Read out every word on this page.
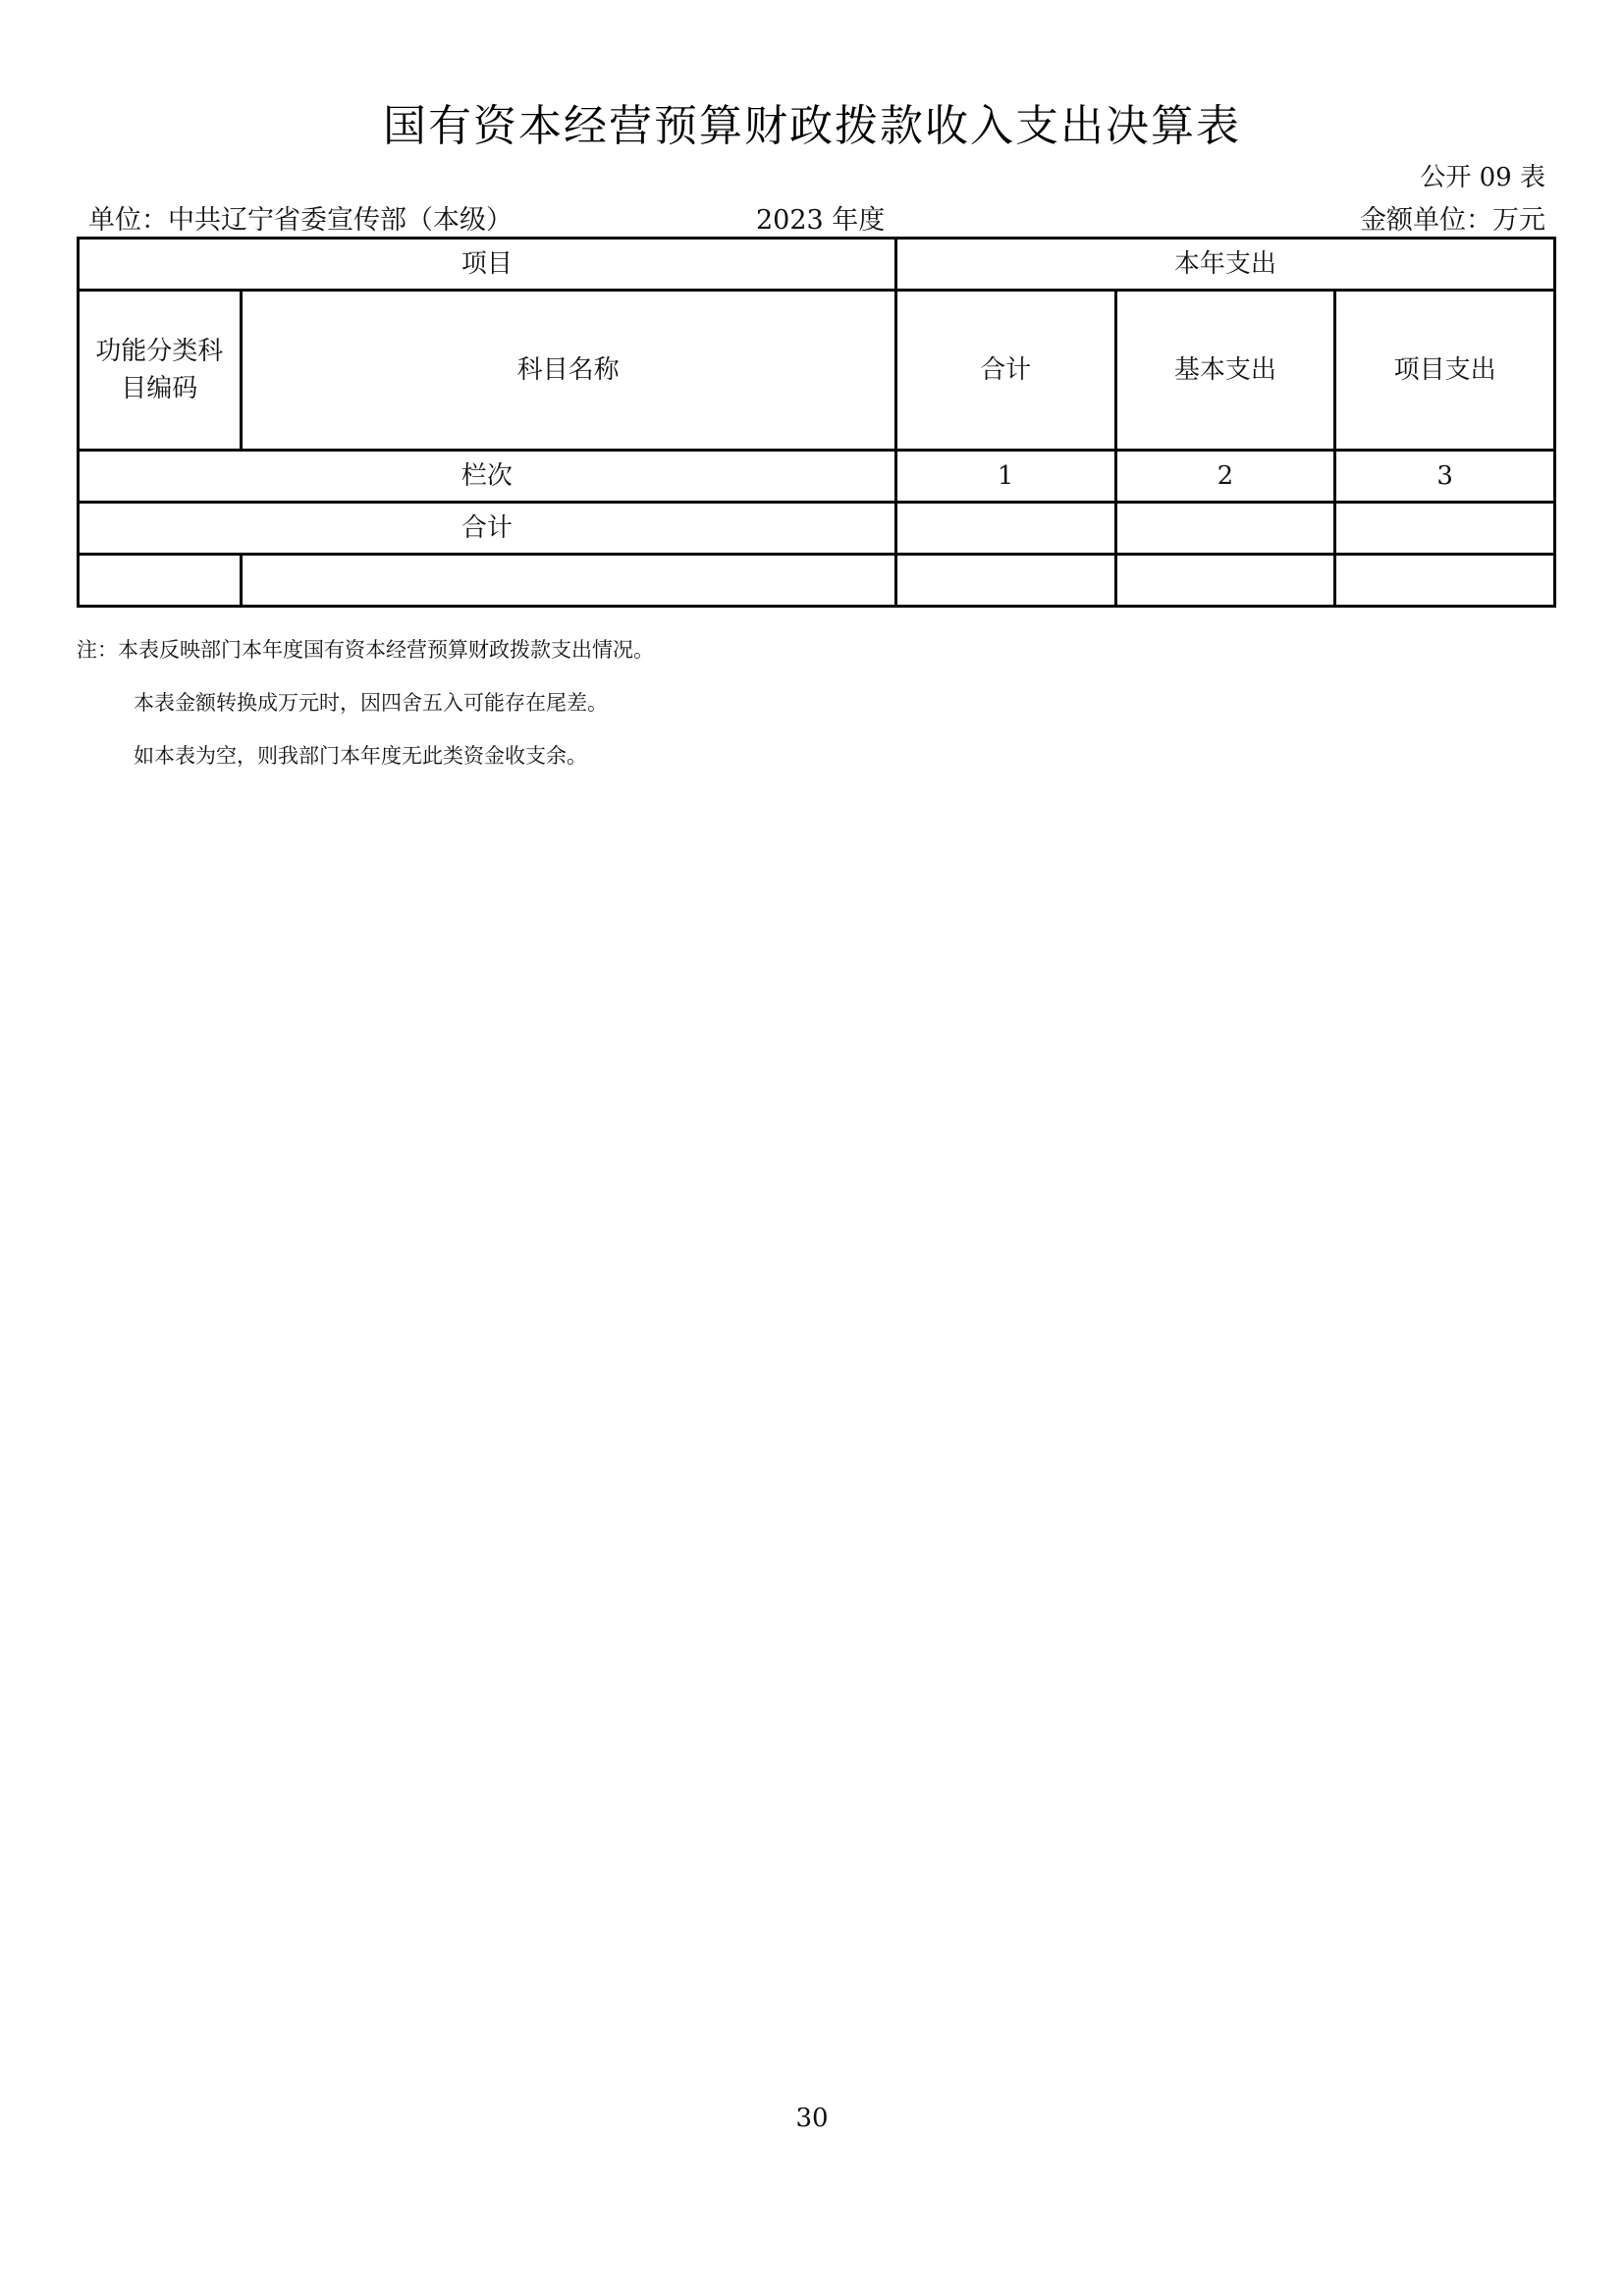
国有资本经营预算财政拨款收入支出决算表
公开 09 表
单位：中共辽宁省委宣传部（本级）	2023 年度	金额单位：万元
项目		本年支出		
功能分类科目编码	科目名称	合计	基本支出	项目支出
栏次		1	2	3
合计				

注：本表反映部门本年度国有资本经营预算财政拨款支出情况。
本表金额转换成万元时，因四舍五入可能存在尾差。
如本表为空，则我部门本年度无此类资金收支余。
30
